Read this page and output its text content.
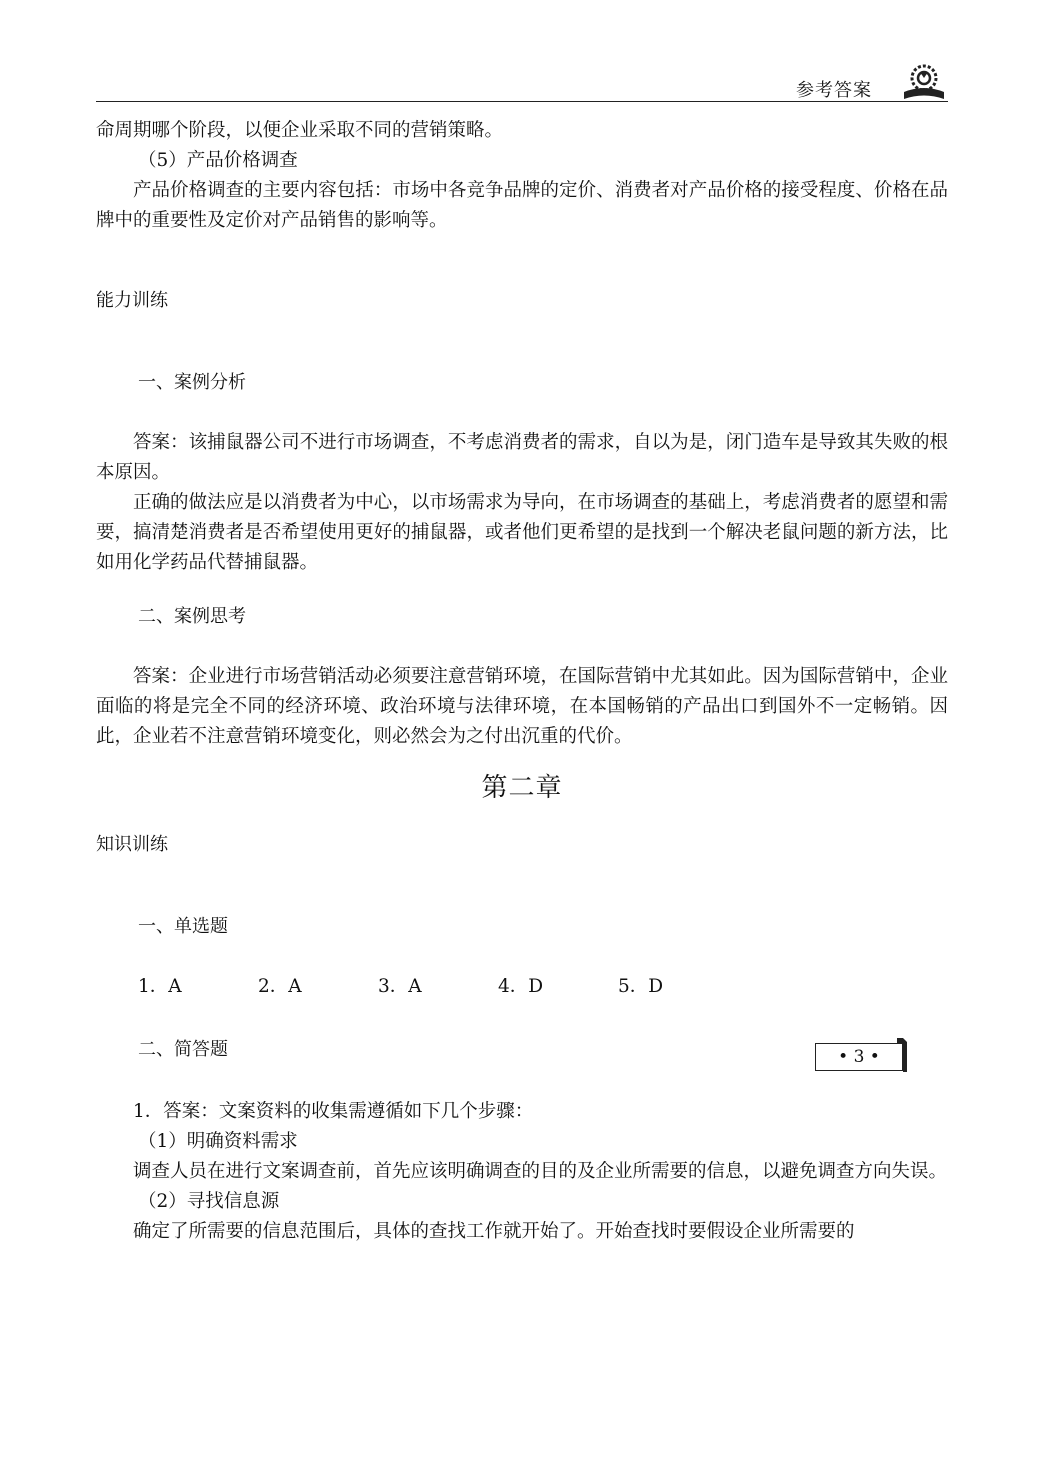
参考答案

命周期哪个阶段，以便企业采取不同的营销策略。

（5）产品价格调查

产品价格调查的主要内容包括：市场中各竞争品牌的定价、消费者对产品价格的接受程度、价格在品牌中的重要性及定价对产品销售的影响等。

能力训练

一、案例分析

答案：该捕鼠器公司不进行市场调查，不考虑消费者的需求，自以为是，闭门造车是导致其失败的根本原因。

正确的做法应是以消费者为中心，以市场需求为导向，在市场调查的基础上，考虑消费者的愿望和需要，搞清楚消费者是否希望使用更好的捕鼠器，或者他们更希望的是找到一个解决老鼠问题的新方法，比如用化学药品代替捕鼠器。

二、案例思考

答案：企业进行市场营销活动必须要注意营销环境，在国际营销中尤其如此。因为国际营销中，企业面临的将是完全不同的经济环境、政治环境与法律环境，在本国畅销的产品出口到国外不一定畅销。因此，企业若不注意营销环境变化，则必然会为之付出沉重的代价。

第二章

知识训练

一、单选题

1．A	2．A	3．A	4．D	5．D

二、简答题

1．答案：文案资料的收集需遵循如下几个步骤：

（1）明确资料需求

调查人员在进行文案调查前，首先应该明确调查的目的及企业所需要的信息，以避免调查方向失误。

（2）寻找信息源

确定了所需要的信息范围后，具体的查找工作就开始了。开始查找时要假设企业所需要的

• 3 •
